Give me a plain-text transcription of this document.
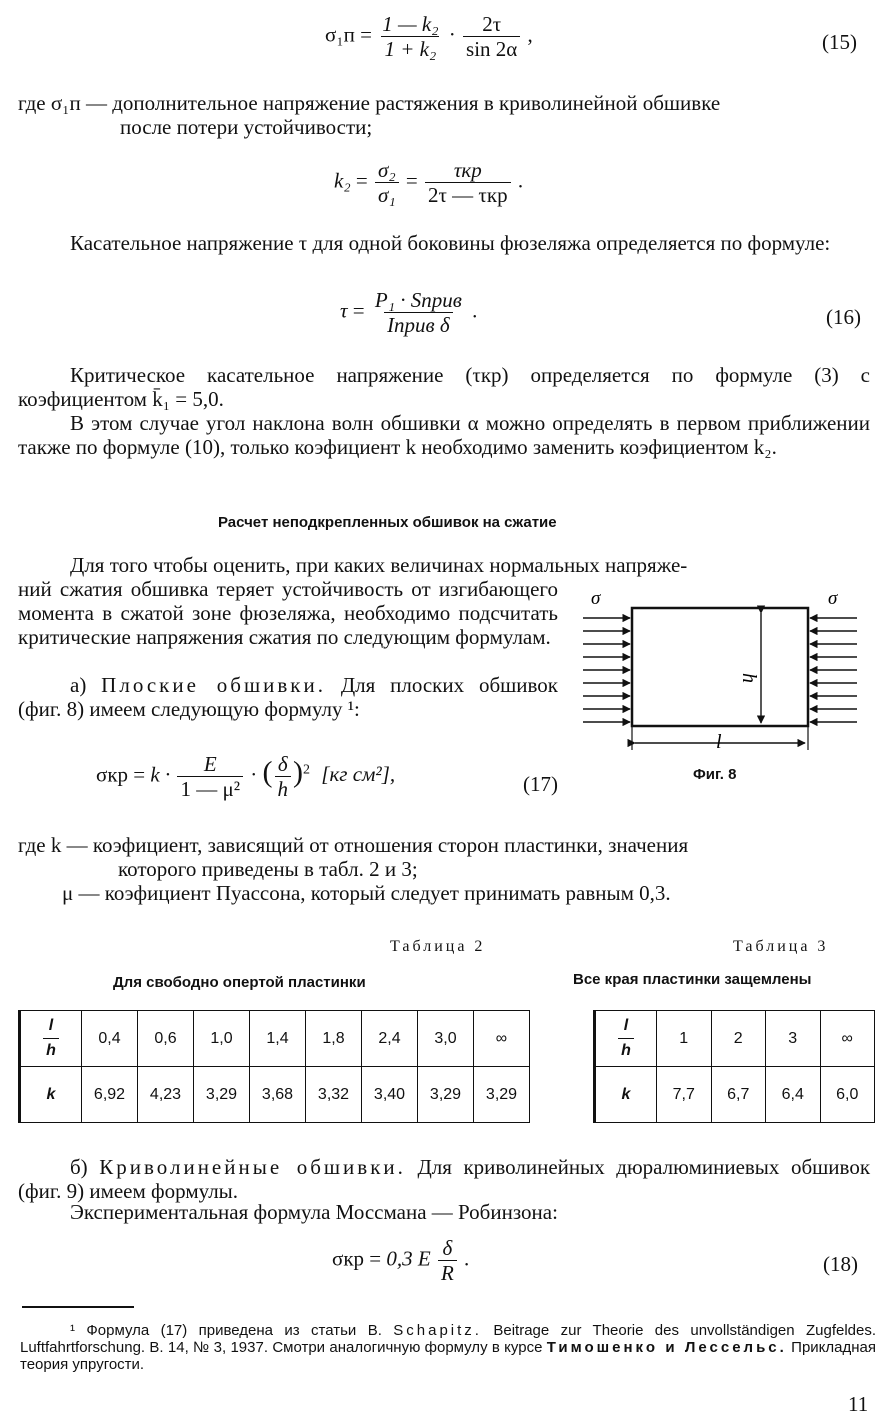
$\sigma_1п = \frac{\text{1 — k₂}}{\text{1 + k₂}} \cdot \frac{2\tau}{\sin 2\alpha}$ ,	(15)
где σ₁п — дополнительное напряжение растяжения в криволинейной обшивке
после потери устойчивости;
$k_2 = \frac{\text{σ₂}}{\text{σ₁}} = \frac{\text{τкр}}{\text{2τ — τкр}}$ .
Касательное напряжение τ для одной боковины фюзеляжа определяется по формуле:
$\tau = \frac{\text{P₁ · Sприв}}{\text{Iприв δ}}$ .	(16)
Критическое касательное напряжение (τкр) определяется по формуле (3) с коэфициентом k̄₁ = 5,0.
В этом случае угол наклона волн обшивки α можно определять в первом приближении также по формуле (10), только коэфициент k необходимо заменить коэфициентом k₂.
Расчет неподкрепленных обшивок на сжатие
Для того чтобы оценить, при каких величинах нормальных напряже-
ний сжатия обшивка теряет устойчивость от изгибающего момента в сжатой зоне фюзеляжа, необходимо подсчитать критические напряжения сжатия по следующим формулам.
а) Плоские обшивки. Для плоских обшивок (фиг. 8) имеем следующую формулу ¹:
σ	σ
h
l
Фиг. 8
$\sigma кр = k \cdot \frac{E}{\text{1 — μ²}}$ · ( $\frac{\delta}{h} )^2$ [кг см²],	(17)
где k — коэфициент, зависящий от отношения сторон пластинки, значения
которого приведены в табл. 2 и 3;
μ — коэфициент Пуассона, который следует принимать равным 0,3.
Таблица 2
Для свободно опертой пластинки
$\frac{l}{h}$	0,4	0,6	1,0	1,4	1,8	2,4	3,0	∞
k	6,92	4,23	3,29	3,68	3,32	3,40	3,29	3,29
Таблица 3
Все края пластинки защемлены
$\frac{l}{h}$	1	2	3	∞
k	7,7	6,7	6,4	6,0
б) Криволинейные обшивки. Для криволинейных дюралюминиевых обшивок (фиг. 9) имеем формулы.
Экспериментальная формула Моссмана — Робинзона:
σкр = 0,3 E $\frac{\delta}{R}$ .	(18)

¹ Формула (17) приведена из статьи B. Schapitz. Beitrage zur Theorie des unvollständigen Zugfeldes. Luftfahrtforschung. B. 14, № 3, 1937. Смотри аналогичную формулу в курсе Тимошенко и Лессельс. Прикладная теория упругости.

11
